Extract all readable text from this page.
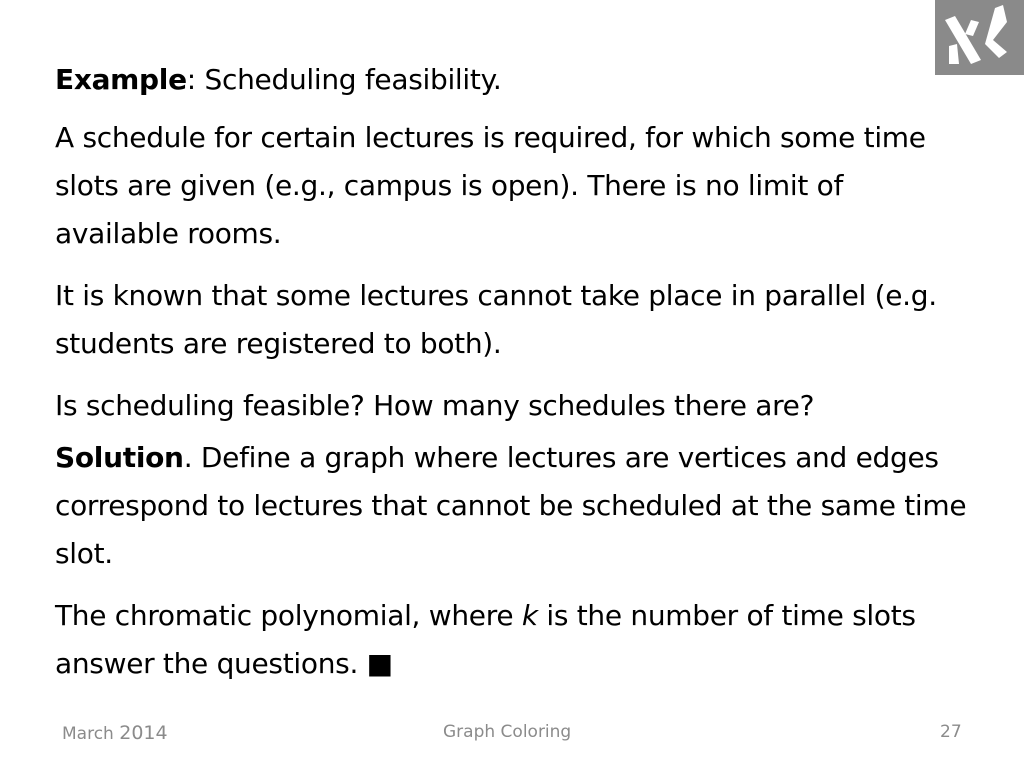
Example: Scheduling feasibility.

A schedule for certain lectures is required, for which some time slots are given (e.g., campus is open). There is no limit of available rooms.

It is known that some lectures cannot take place in parallel (e.g. students are registered to both).

Is scheduling feasible? How many schedules there are?

Solution. Define a graph where lectures are vertices and edges correspond to lectures that cannot be scheduled at the same time slot.

The chromatic polynomial, where k is the number of time slots answer the questions. ■

March 2014	Graph Coloring	27
